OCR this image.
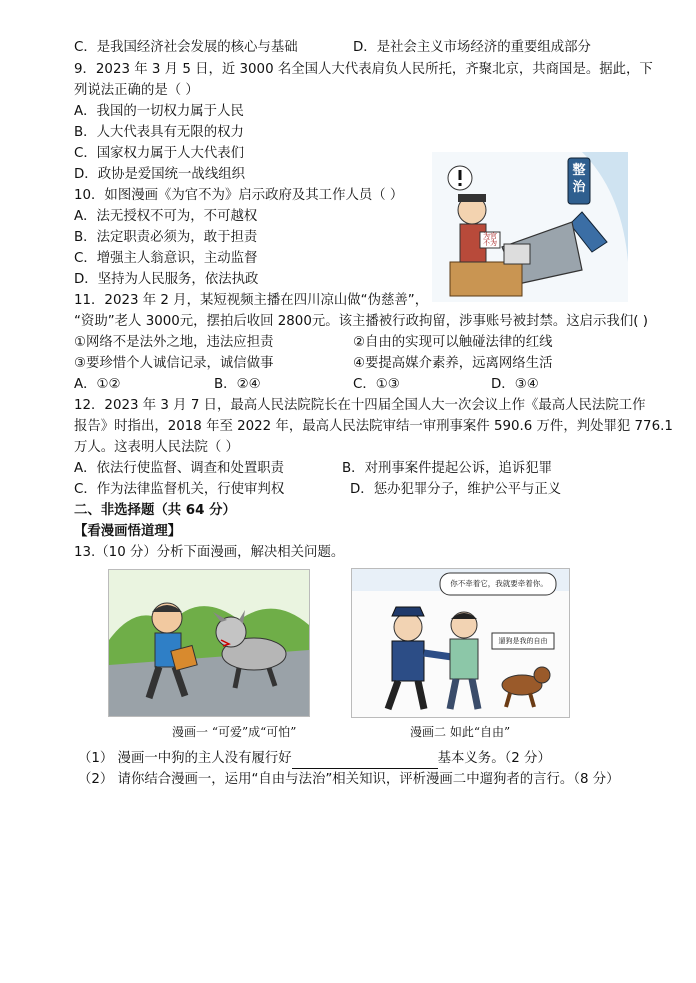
C．是我国经济社会发展的核心与基础	D．是社会主义市场经济的重要组成部分
9．2023 年 3 月 5 日，近 3000 名全国人大代表肩负人民所托，齐聚北京，共商国是。据此，下
列说法正确的是（ ）
A．我国的一切权力属于人民
B．人大代表具有无限的权力
C．国家权力属于人大代表们
D．政协是爱国统一战线组织
10．如图漫画《为官不为》启示政府及其工作人员（ ）
A．法无授权不可为，不可越权
B．法定职责必须为，敢于担责
C．增强主人翁意识，主动监督
D．坚持为人民服务，依法执政
整治
为官不为
11．2023 年 2 月，某短视频主播在四川凉山做“伪慈善”，
“资助”老人 3000元，摆拍后收回 2800元。该主播被行政拘留，涉事账号被封禁。这启示我们( )
①网络不是法外之地，违法应担责	②自由的实现可以触碰法律的红线
③要珍惜个人诚信记录，诚信做事	④要提高媒介素养，远离网络生活
A．①②	B．②④	C．①③	D．③④
12．2023 年 3 月 7 日，最高人民法院院长在十四届全国人大一次会议上作《最高人民法院工作
报告》时指出，2018 年至 2022 年，最高人民法院审结一审刑事案件 590.6 万件，判处罪犯 776.1
万人。这表明人民法院（ ）
A．依法行使监督、调查和处置职责	B．对刑事案件提起公诉，追诉犯罪
C．作为法律监督机关，行使审判权	D．惩办犯罪分子，维护公平与正义
二、非选择题（共 64 分）
【看漫画悟道理】
13.（10 分）分析下面漫画，解决相关问题。
你不牵着它，我就要牵着你。
遛狗是我的自由
漫画一 “可爱”成“可怕”	漫画二 如此“自由”
（1） 漫画一中狗的主人没有履行好	基本义务。（2 分）
（2） 请你结合漫画一，运用“自由与法治”相关知识，评析漫画二中遛狗者的言行。（8 分）
